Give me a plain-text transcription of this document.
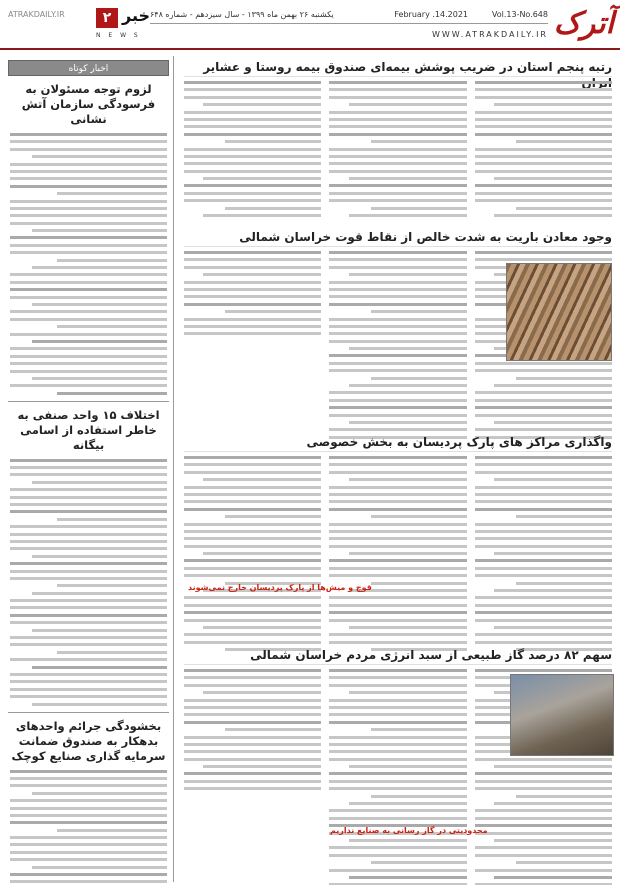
آترک
Vol.13-No.648
February .14.2021
یکشنبه ۲۶ بهمن ماه ۱۳۹۹ - سال سیزدهم - شماره ۶۴۸
WWW.ATRAKDAILY.IR
ATRAKDAILY.IR	۲ خبر
N E W S
اخبار کوتاه
لزوم توجه مسئولان به فرسودگی سازمان آتش نشانی
اختلاف ۱۵ واحد صنفی به خاطر استفاده از اسامی بیگانه
بخشودگی جرائم واحدهای بدهکار به صندوق ضمانت سرمایه گذاری صنایع کوچک
رتبه پنجم استان در ضریب پوشش بیمه‌ای صندوق بیمه روستا و عشایر
وجود معادن باریت به شدت خالص از نقاط قوت خراسان شمالی
واگذاری مراکز های پارک پردیسان به بخش خصوصی
قوچ و میش‌ها از پارک پردیسان خارج نمی‌شوند
سهم ۸۲ درصد گاز طبیعی از سبد انرژی مردم خراسان شمالی
محدودیتی در گاز رسانی به صنایع نداریم
